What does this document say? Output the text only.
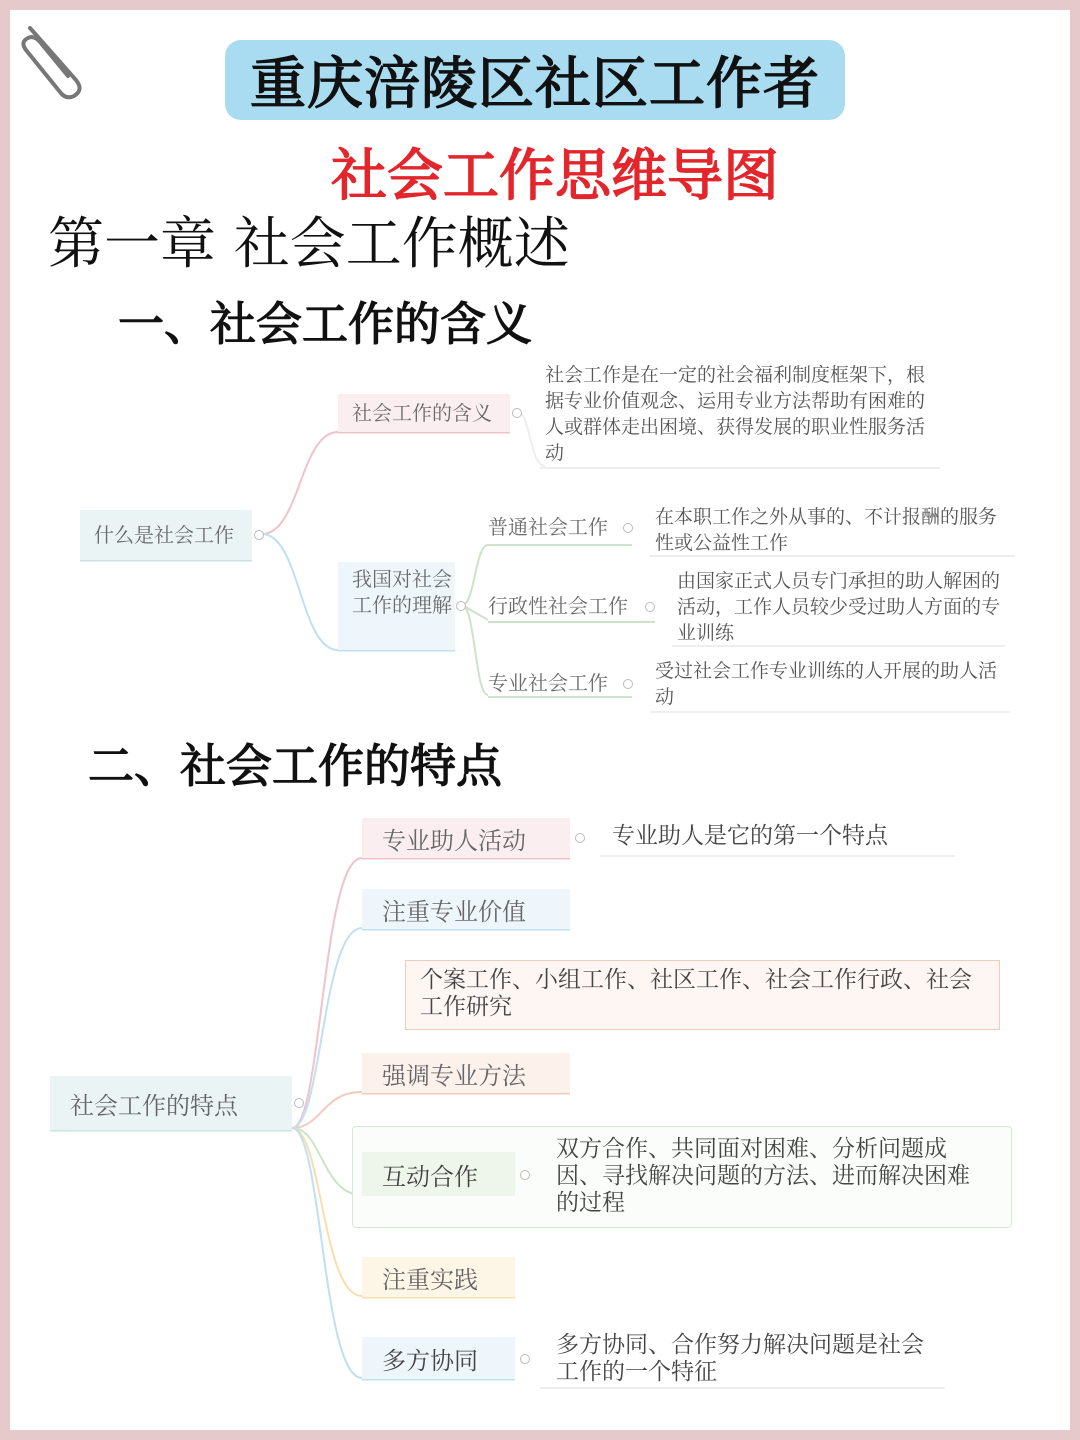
重庆涪陵区社区工作者
社会工作思维导图
第一章 社会工作概述
一、社会工作的含义
什么是社会工作
社会工作的含义
社会工作是在一定的社会福利制度框架下，根据专业价值观念、运用专业方法帮助有困难的人或群体走出困境、获得发展的职业性服务活动
我国对社会工作的理解
普通社会工作 在本职工作之外从事的、不计报酬的服务性或公益性工作
行政性社会工作
由国家正式人员专门承担的助人解困的活动，工作人员较少受过助人方面的专业训练
专业社会工作 受过社会工作专业训练的人开展的助人活动
二、社会工作的特点
社会工作的特点
专业助人活动	专业助人是它的第一个特点
注重专业价值
个案工作、小组工作、社区工作、社会工作行政、社会工作研究
强调专业方法
互动合作
双方合作、共同面对困难、分析问题成因、寻找解决问题的方法、进而解决困难的过程
注重实践
多方协同
多方协同、合作努力解决问题是社会工作的一个特征
